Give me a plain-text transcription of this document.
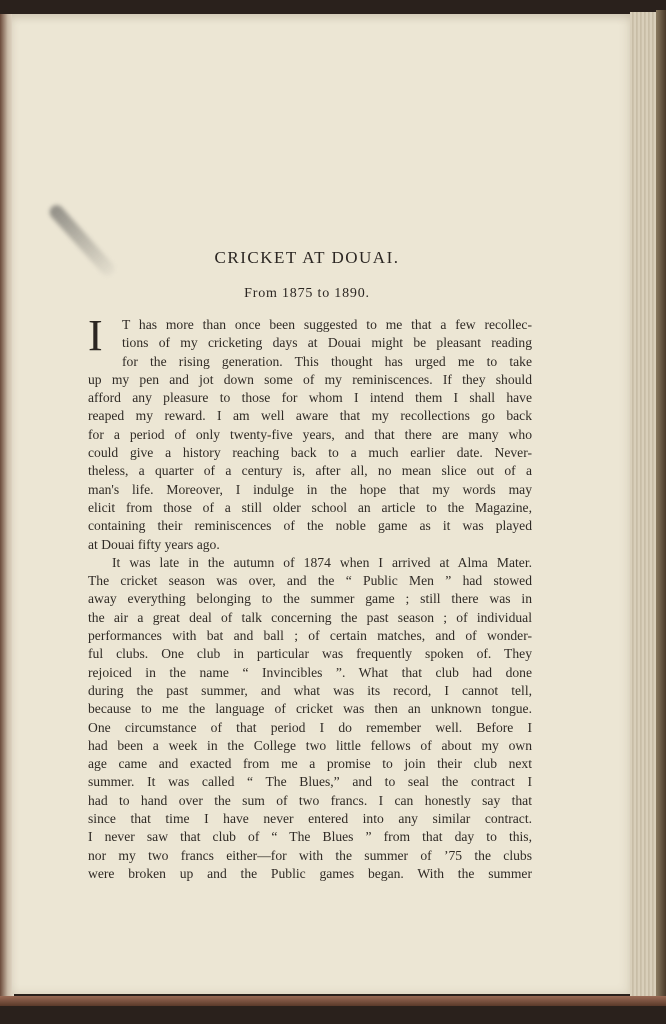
CRICKET AT DOUAI.
From 1875 to 1890.
I	T has more than once been suggested to me that a few recollec-
tions of my cricketing days at Douai might be pleasant reading
for the rising generation. This thought has urged me to take
up my pen and jot down some of my reminiscences. If they should
afford any pleasure to those for whom I intend them I shall have
reaped my reward. I am well aware that my recollections go back
for a period of only twenty-five years, and that there are many who
could give a history reaching back to a much earlier date. Never-
theless, a quarter of a century is, after all, no mean slice out of a
man's life. Moreover, I indulge in the hope that my words may
elicit from those of a still older school an article to the Magazine,
containing their reminiscences of the noble game as it was played
at Douai fifty years ago.
It was late in the autumn of 1874 when I arrived at Alma Mater.
The cricket season was over, and the “ Public Men ” had stowed
away everything belonging to the summer game ; still there was in
the air a great deal of talk concerning the past season ; of individual
performances with bat and ball ; of certain matches, and of wonder-
ful clubs. One club in particular was frequently spoken of. They
rejoiced in the name “ Invincibles ”. What that club had done
during the past summer, and what was its record, I cannot tell,
because to me the language of cricket was then an unknown tongue.
One circumstance of that period I do remember well. Before I
had been a week in the College two little fellows of about my own
age came and exacted from me a promise to join their club next
summer. It was called “ The Blues,” and to seal the contract I
had to hand over the sum of two francs. I can honestly say that
since that time I have never entered into any similar contract.
I never saw that club of “ The Blues ” from that day to this,
nor my two francs either—for with the summer of ’75 the clubs
were broken up and the Public games began. With the summer
